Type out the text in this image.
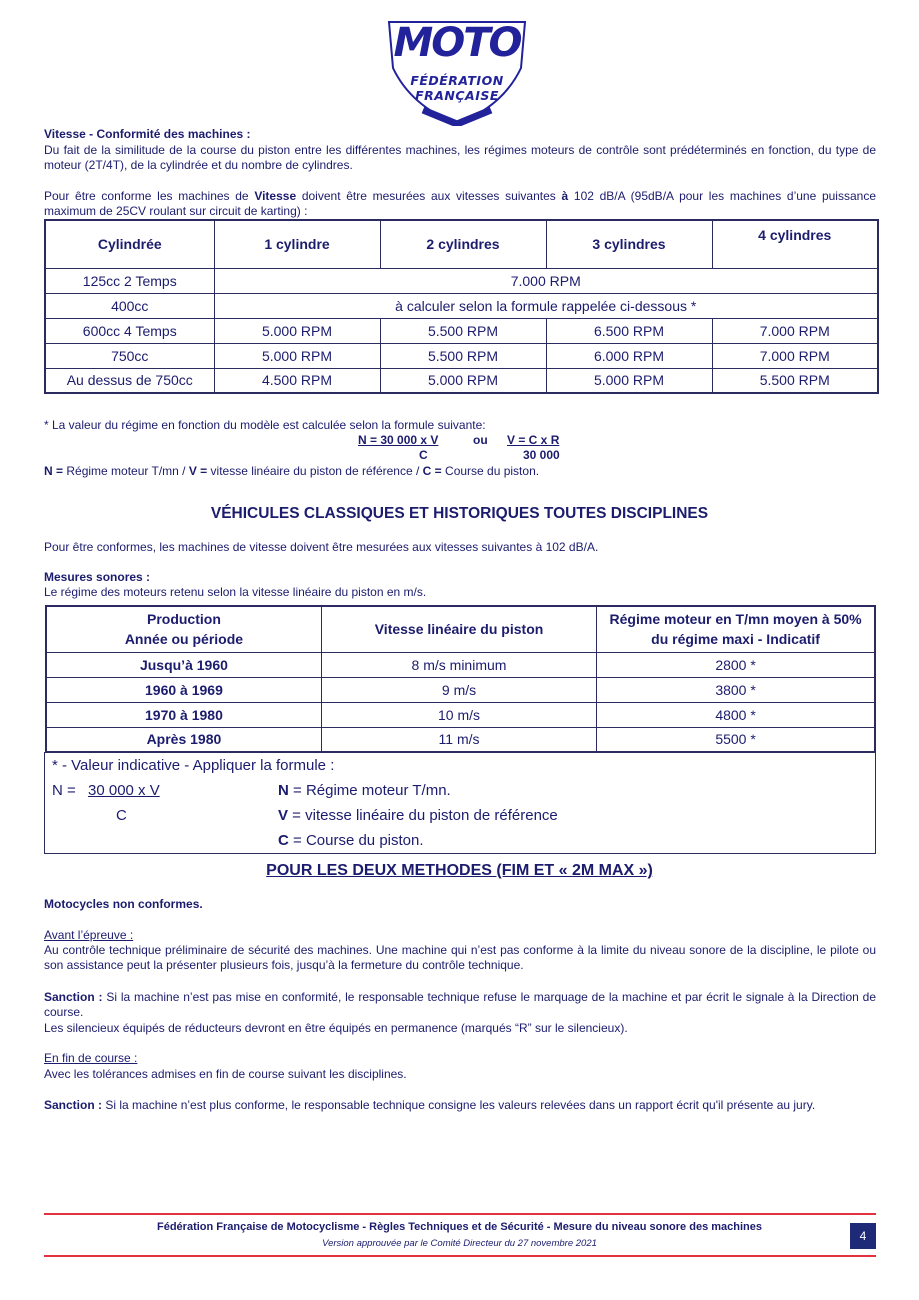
MOTO
FÉDÉRATION
FRANÇAISE
Vitesse - Conformité des machines :
Du fait de la similitude de la course du piston entre les différentes machines, les régimes moteurs de contrôle sont prédéterminés en fonction, du type de moteur (2T/4T), de la cylindrée et du nombre de cylindres.
Pour être conforme les machines de Vitesse doivent être mesurées aux vitesses suivantes à 102 dB/A (95dB/A pour les machines d’une puissance maximum de 25CV roulant sur circuit de karting) :
Cylindrée	1 cylindre	2 cylindres	3 cylindres	4 cylindres
125cc 2 Temps	7.000 RPM			
400cc	à calculer selon la formule rappelée ci-dessous *			
600cc 4 Temps	5.000 RPM	5.500 RPM	6.500 RPM	7.000 RPM
750cc	5.000 RPM	5.500 RPM	6.000 RPM	7.000 RPM
Au dessus de 750cc	4.500 RPM	5.000 RPM	5.000 RPM	5.500 RPM
* La valeur du régime en fonction du modèle est calculée selon la formule suivante:
N = 30 000 x V	ou V = C x R
C	30 000
N = Régime moteur T/mn / V = vitesse linéaire du piston de référence / C = Course du piston.
VÉHICULES CLASSIQUES ET HISTORIQUES TOUTES DISCIPLINES
Pour être conformes, les machines de vitesse doivent être mesurées aux vitesses suivantes à 102 dB/A.
Mesures sonores :
Le régime des moteurs retenu selon la vitesse linéaire du piston en m/s.
Production
Année ou période	Vitesse linéaire du piston	Régime moteur en T/mn moyen à 50% du régime maxi - Indicatif
Jusqu’à 1960	8 m/s minimum	2800 *
1960 à 1969	9 m/s	3800 *
1970 à 1980	10 m/s	4800 *
Après 1980	11 m/s	5500 *
* - Valeur indicative - Appliquer la formule :
N = 30 000 x V
C
N = Régime moteur T/mn.
V = vitesse linéaire du piston de référence
C = Course du piston.
POUR LES DEUX METHODES (FIM ET « 2M MAX »)
Motocycles non conformes.
Avant l’épreuve :
Au contrôle technique préliminaire de sécurité des machines. Une machine qui n’est pas conforme à la limite du niveau sonore de la discipline, le pilote ou son assistance peut la présenter plusieurs fois, jusqu’à la fermeture du contrôle technique.
Sanction : Si la machine n’est pas mise en conformité, le responsable technique refuse le marquage de la machine et par écrit le signale à la Direction de course.
Les silencieux équipés de réducteurs devront en être équipés en permanence (marqués “R” sur le silencieux).
En fin de course :
Avec les tolérances admises en fin de course suivant les disciplines.
Sanction : Si la machine n’est plus conforme, le responsable technique consigne les valeurs relevées dans un rapport écrit qu'il présente au jury.
Fédération Française de Motocyclisme - Règles Techniques et de Sécurité - Mesure du niveau sonore des machines
Version approuvée par le Comité Directeur du 27 novembre 2021
4
